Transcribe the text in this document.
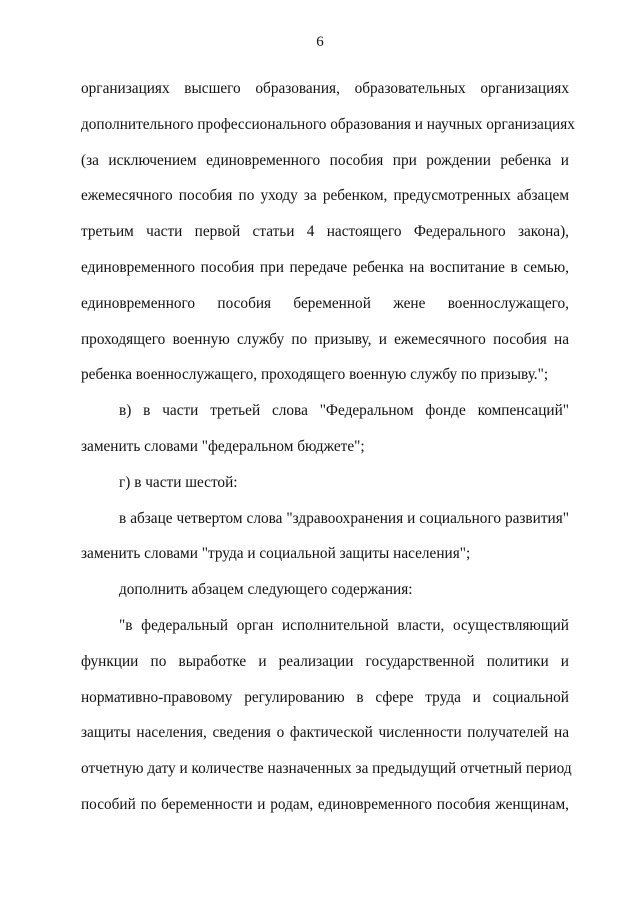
6
организациях высшего образования, образовательных организациях
дополнительного профессионального образования и научных организациях
(за исключением единовременного пособия при рождении ребенка и
ежемесячного пособия по уходу за ребенком, предусмотренных абзацем
третьим части первой статьи 4 настоящего Федерального закона),
единовременного пособия при передаче ребенка на воспитание в семью,
единовременного пособия беременной жене военнослужащего,
проходящего военную службу по призыву, и ежемесячного пособия на
ребенка военнослужащего, проходящего военную службу по призыву.";
в) в части третьей слова "Федеральном фонде компенсаций"
заменить словами "федеральном бюджете";
г) в части шестой:
в абзаце четвертом слова "здравоохранения и социального развития"
заменить словами "труда и социальной защиты населения";
дополнить абзацем следующего содержания:
"в федеральный орган исполнительной власти, осуществляющий
функции по выработке и реализации государственной политики и
нормативно-правовому регулированию в сфере труда и социальной
защиты населения, сведения о фактической численности получателей на
отчетную дату и количестве назначенных за предыдущий отчетный период
пособий по беременности и родам, единовременного пособия женщинам,
